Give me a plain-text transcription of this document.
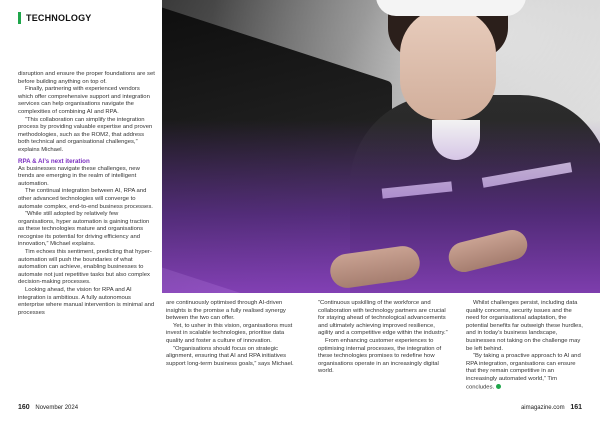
TECHNOLOGY

disruption and ensure the proper foundations are set before building anything on top of.

Finally, partnering with experienced vendors which offer comprehensive support and integration services can help organisations navigate the complexities of combining AI and RPA.

“This collaboration can simplify the integration process by providing valuable expertise and proven methodologies, such as the ROM2, that address both technical and organisational challenges,” explains Michael.

RPA & AI’s next iteration

As businesses navigate these challenges, new trends are emerging in the realm of intelligent automation.

The continual integration between AI, RPA and other advanced technologies will converge to automate complex, end-to-end business processes.

“While still adopted by relatively few organisations, hyper automation is gaining traction as these technologies mature and organisations recognise its potential for driving efficiency and innovation,” Michael explains.

Tim echoes this sentiment, predicting that hyper-automation will push the boundaries of what automation can achieve, enabling businesses to automate not just repetitive tasks but also complex decision-making processes.

Looking ahead, the vision for RPA and AI integration is ambitious. A fully autonomous enterprise where manual intervention is minimal and processes

are continuously optimised through AI-driven insights is the promise a fully realised synergy between the two can offer.

Yet, to usher in this vision, organisations must invest in scalable technologies, prioritise data quality and foster a culture of innovation.

“Organisations should focus on strategic alignment, ensuring that AI and RPA initiatives support long-term business goals,” says Michael.

“Continuous upskilling of the workforce and collaboration with technology partners are crucial for staying ahead of technological advancements and ultimately achieving improved resilience, agility and a competitive edge within the industry.”

From enhancing customer experiences to optimising internal processes, the integration of these technologies promises to redefine how organisations operate in an increasingly digital world.

Whilst challenges persist, including data quality concerns, security issues and the need for organisational adaptation, the potential benefits far outweigh these hurdles, and in today’s business landscape, businesses not taking on the challenge may be left behind.

“By taking a proactive approach to AI and RPA integration, organisations can ensure that they remain competitive in an increasingly automated world,” Tim concludes.

160 November 2024	aimagazine.com 161
